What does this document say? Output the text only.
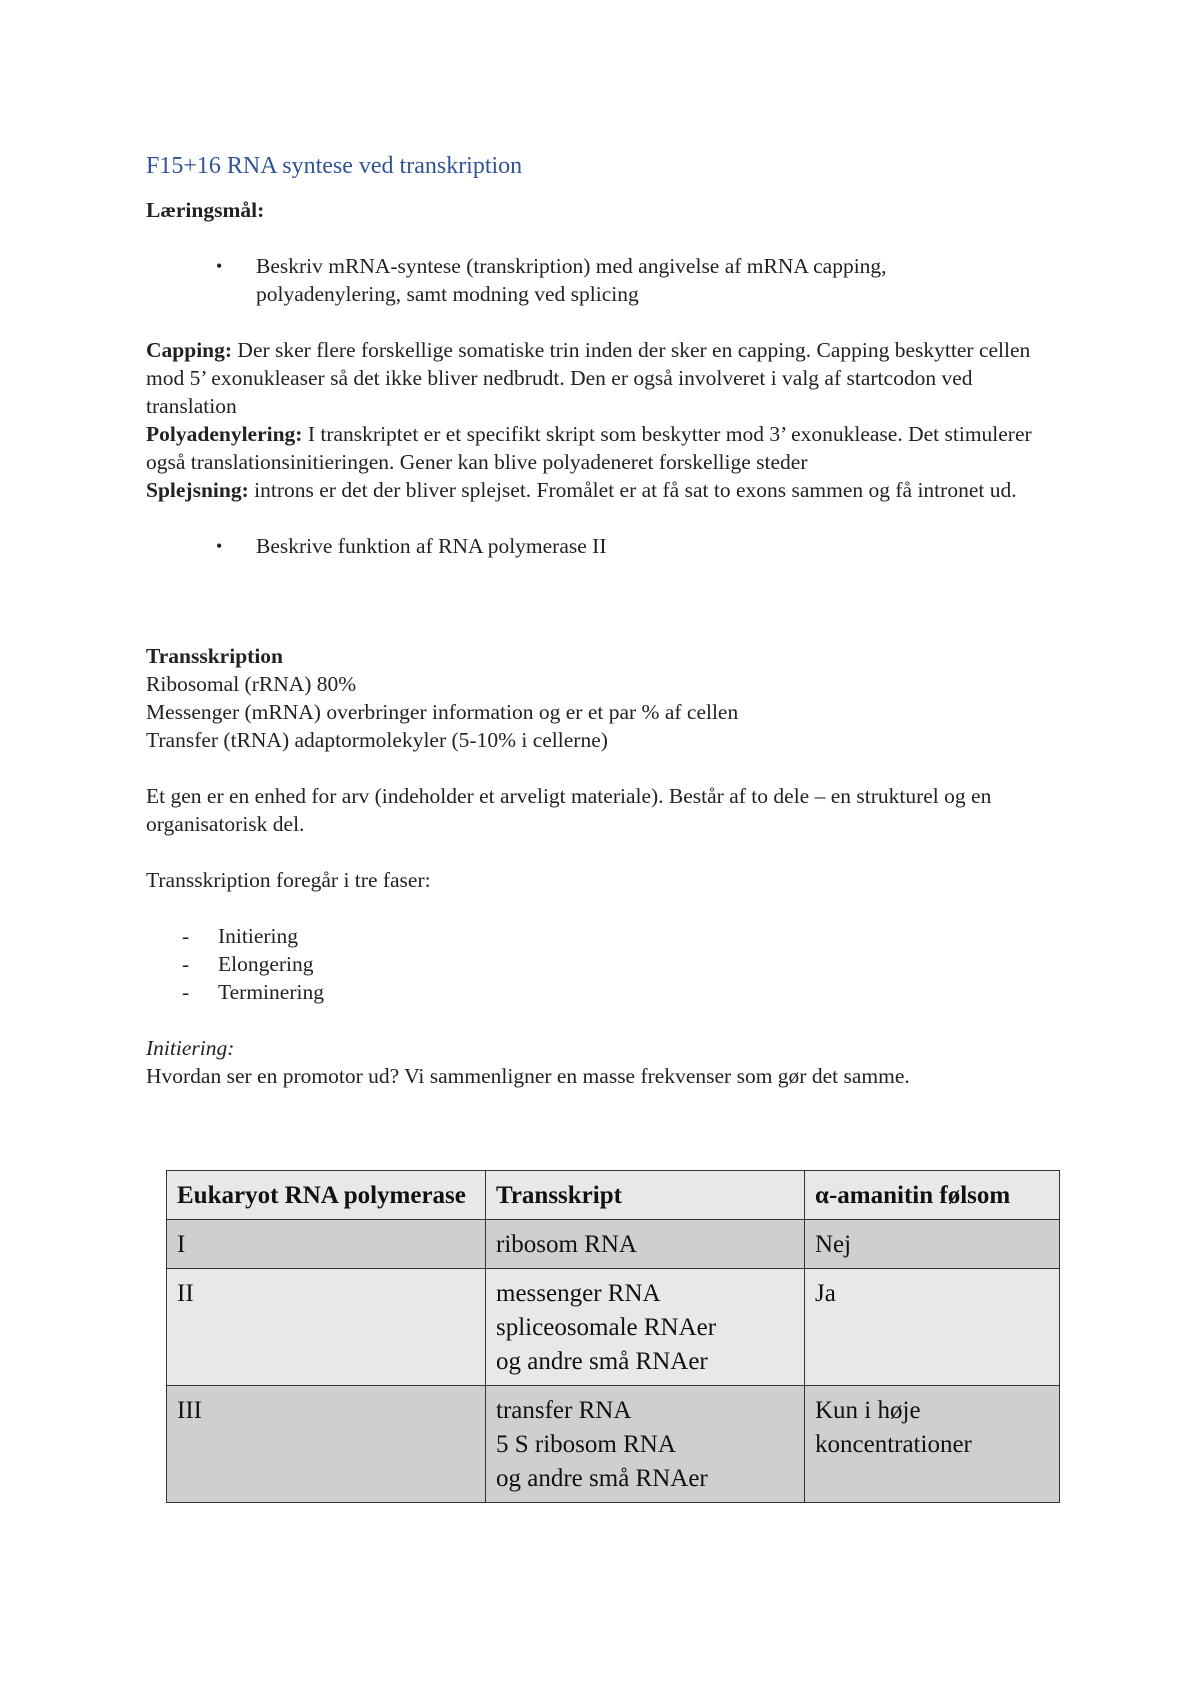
F15+16 RNA syntese ved transkription

Læringsmål:

• Beskriv mRNA-syntese (transkription) med angivelse af mRNA capping,
polyadenylering, samt modning ved splicing

Capping: Der sker flere forskellige somatiske trin inden der sker en capping. Capping beskytter cellen mod 5’ exonukleaser så det ikke bliver nedbrudt. Den er også involveret i valg af startcodon ved translation

Polyadenylering: I transkriptet er et specifikt skript som beskytter mod 3’ exonuklease. Det stimulerer også translationsinitieringen. Gener kan blive polyadeneret forskellige steder

Splejsning: introns er det der bliver splejset. Fromålet er at få sat to exons sammen og få intronet ud.

• Beskrive funktion af RNA polymerase II

Transskription

Ribosomal (rRNA) 80%

Messenger (mRNA) overbringer information og er et par % af cellen

Transfer (tRNA) adaptormolekyler (5-10% i cellerne)

Et gen er en enhed for arv (indeholder et arveligt materiale). Består af to dele – en strukturel og en organisatorisk del.

Transskription foregår i tre faser:

- Initiering
- Elongering
- Terminering

Initiering:

Hvordan ser en promotor ud? Vi sammenligner en masse frekvenser som gør det samme.

Eukaryot RNA polymerase	Transskript	α-amanitin følsom

I	ribosom RNA	Nej

II	messenger RNA
spliceosomale RNAer
og andre små RNAer	Ja

III	transfer RNA
5 S ribosom RNA
og andre små RNAer	Kun i høje
koncentrationer
